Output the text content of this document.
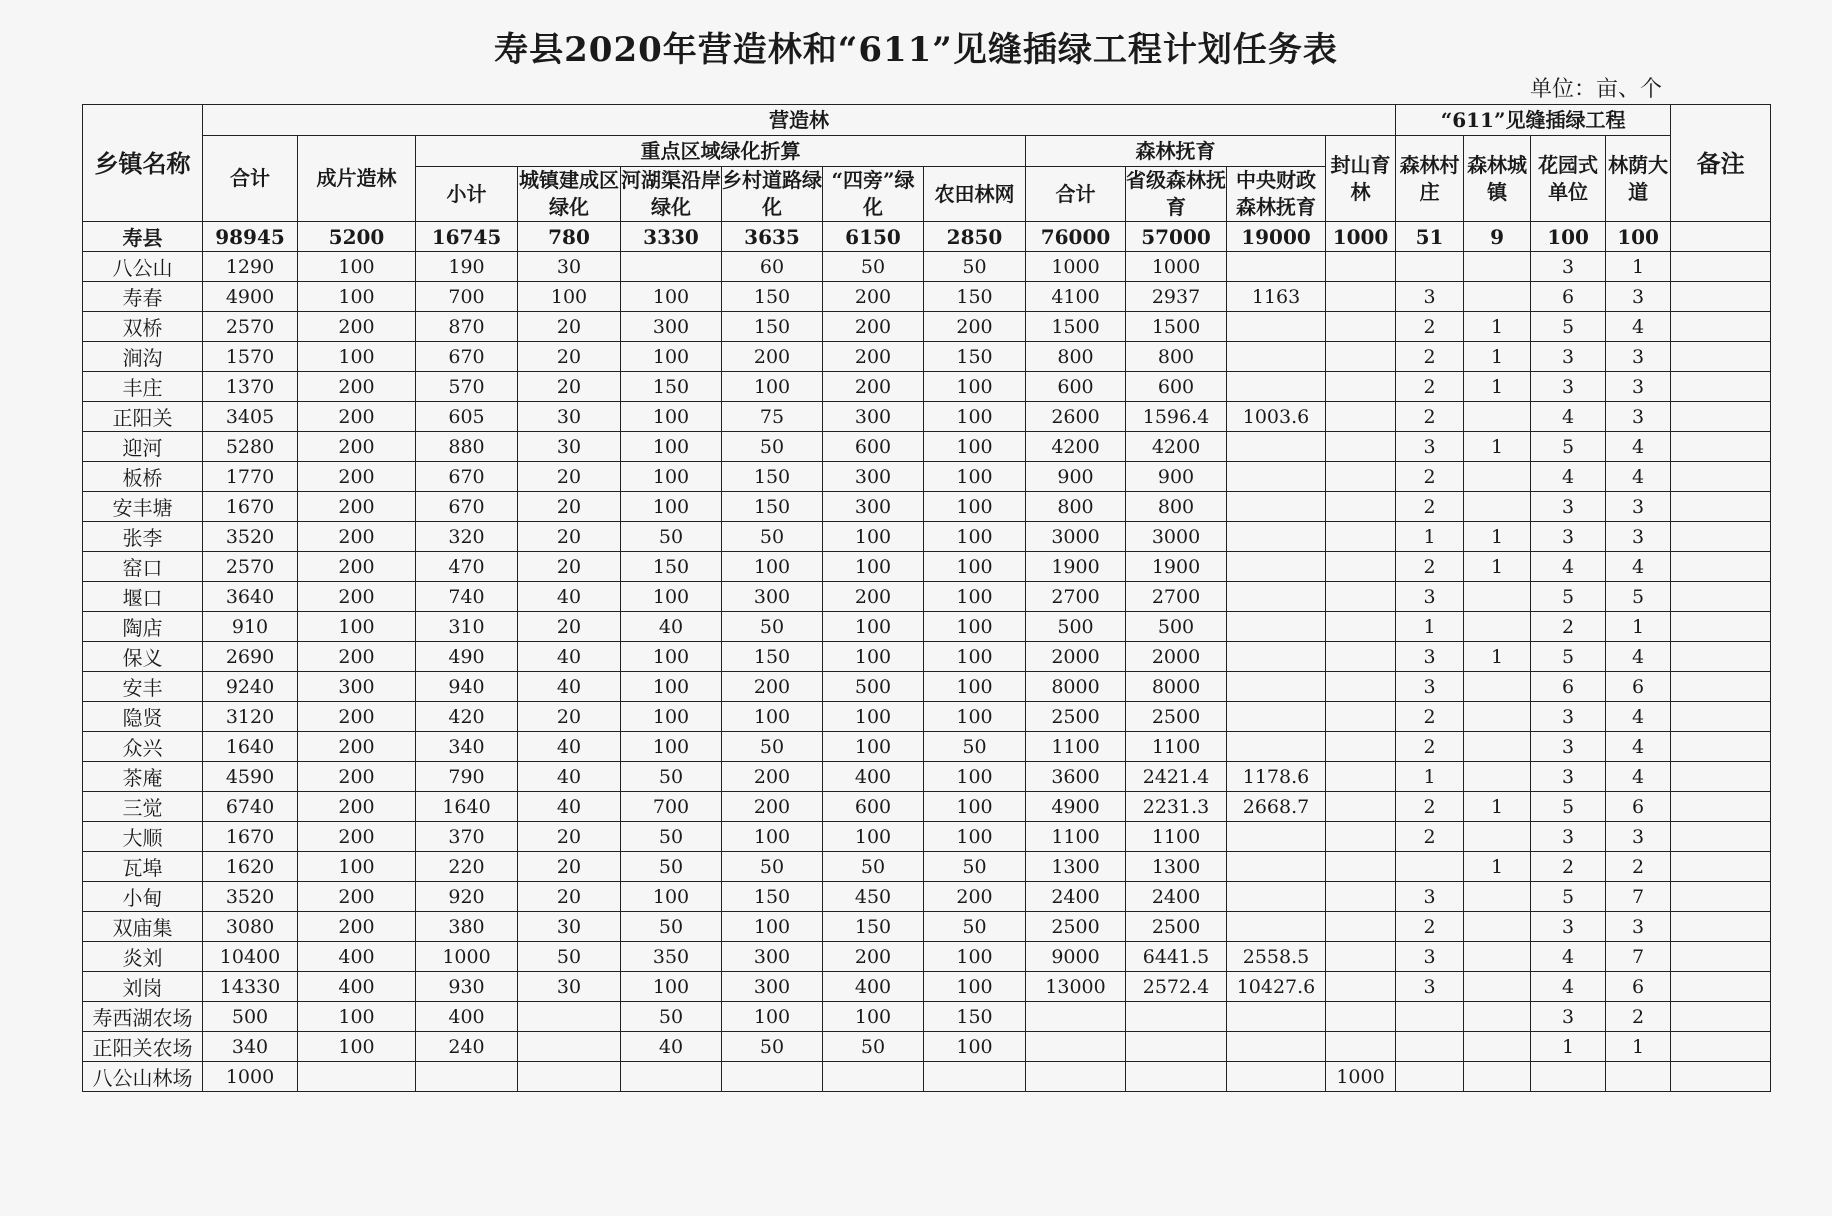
寿县2020年营造林和“611”见缝插绿工程计划任务表
单位：亩、个
乡镇名称	营造林												“611”见缝插绿工程				备注
	合计	成片造林	重点区域绿化折算						森林抚育			封山育林	森林村庄	森林城镇	花园式单位	林荫大道	
			小计	城镇建成区绿化	河湖渠沿岸绿化	乡村道路绿化	“四旁”绿化	农田林网									
									合计	省级森林抚育	中央财政森林抚育						
寿县	98945	5200	16745	780	3330	3635	6150	2850	76000	57000	19000	1000	51	9	100	100	
八公山	1290	100	190	30		60	50	50	1000	1000					3	1	
寿春	4900	100	700	100	100	150	200	150	4100	2937	1163		3		6	3	
双桥	2570	200	870	20	300	150	200	200	1500	1500			2	1	5	4	
涧沟	1570	100	670	20	100	200	200	150	800	800			2	1	3	3	
丰庄	1370	200	570	20	150	100	200	100	600	600			2	1	3	3	
正阳关	3405	200	605	30	100	75	300	100	2600	1596.4	1003.6		2		4	3	
迎河	5280	200	880	30	100	50	600	100	4200	4200			3	1	5	4	
板桥	1770	200	670	20	100	150	300	100	900	900			2		4	4	
安丰塘	1670	200	670	20	100	150	300	100	800	800			2		3	3	
张李	3520	200	320	20	50	50	100	100	3000	3000			1	1	3	3	
窑口	2570	200	470	20	150	100	100	100	1900	1900			2	1	4	4	
堰口	3640	200	740	40	100	300	200	100	2700	2700			3		5	5	
陶店	910	100	310	20	40	50	100	100	500	500			1		2	1	
保义	2690	200	490	40	100	150	100	100	2000	2000			3	1	5	4	
安丰	9240	300	940	40	100	200	500	100	8000	8000			3		6	6	
隐贤	3120	200	420	20	100	100	100	100	2500	2500			2		3	4	
众兴	1640	200	340	40	100	50	100	50	1100	1100			2		3	4	
茶庵	4590	200	790	40	50	200	400	100	3600	2421.4	1178.6		1		3	4	
三觉	6740	200	1640	40	700	200	600	100	4900	2231.3	2668.7		2	1	5	6	
大顺	1670	200	370	20	50	100	100	100	1100	1100			2		3	3	
瓦埠	1620	100	220	20	50	50	50	50	1300	1300				1	2	2	
小甸	3520	200	920	20	100	150	450	200	2400	2400			3		5	7	
双庙集	3080	200	380	30	50	100	150	50	2500	2500			2		3	3	
炎刘	10400	400	1000	50	350	300	200	100	9000	6441.5	2558.5		3		4	7	
刘岗	14330	400	930	30	100	300	400	100	13000	2572.4	10427.6		3		4	6	
寿西湖农场	500	100	400		50	100	100	150							3	2	
正阳关农场	340	100	240		40	50	50	100							1	1	
八公山林场	1000											1000					
